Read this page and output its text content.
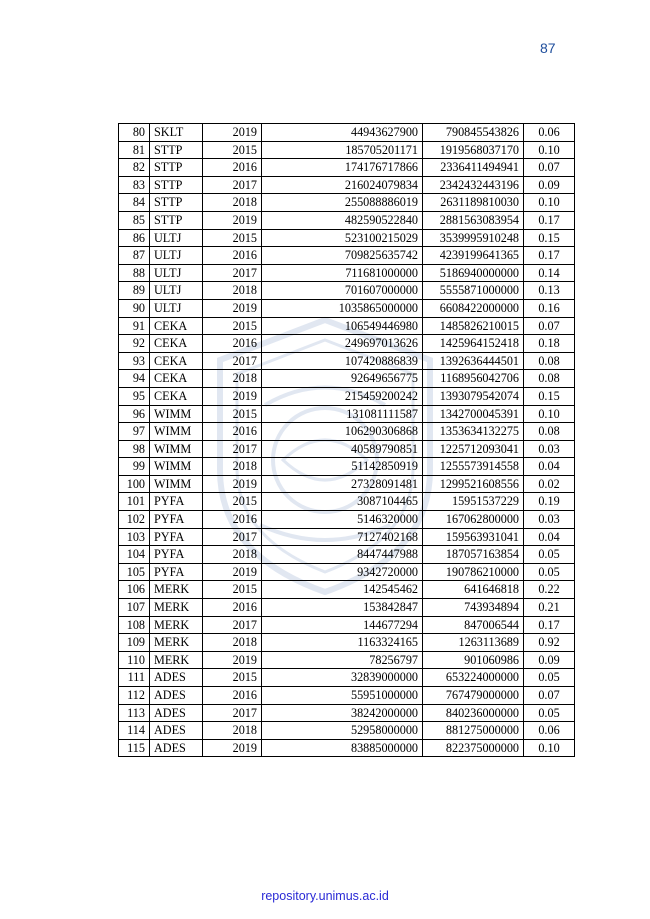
87
80	SKLT	2019	44943627900	790845543826	0.06
81	STTP	2015	185705201171	1919568037170	0.10
82	STTP	2016	174176717866	2336411494941	0.07
83	STTP	2017	216024079834	2342432443196	0.09
84	STTP	2018	255088886019	2631189810030	0.10
85	STTP	2019	482590522840	2881563083954	0.17
86	ULTJ	2015	523100215029	3539995910248	0.15
87	ULTJ	2016	709825635742	4239199641365	0.17
88	ULTJ	2017	711681000000	5186940000000	0.14
89	ULTJ	2018	701607000000	5555871000000	0.13
90	ULTJ	2019	1035865000000	6608422000000	0.16
91	CEKA	2015	106549446980	1485826210015	0.07
92	CEKA	2016	249697013626	1425964152418	0.18
93	CEKA	2017	107420886839	1392636444501	0.08
94	CEKA	2018	92649656775	1168956042706	0.08
95	CEKA	2019	215459200242	1393079542074	0.15
96	WIMM	2015	131081111587	1342700045391	0.10
97	WIMM	2016	106290306868	1353634132275	0.08
98	WIMM	2017	40589790851	1225712093041	0.03
99	WIMM	2018	51142850919	1255573914558	0.04
100	WIMM	2019	27328091481	1299521608556	0.02
101	PYFA	2015	3087104465	15951537229	0.19
102	PYFA	2016	5146320000	167062800000	0.03
103	PYFA	2017	7127402168	159563931041	0.04
104	PYFA	2018	8447447988	187057163854	0.05
105	PYFA	2019	9342720000	190786210000	0.05
106	MERK	2015	142545462	641646818	0.22
107	MERK	2016	153842847	743934894	0.21
108	MERK	2017	144677294	847006544	0.17
109	MERK	2018	1163324165	1263113689	0.92
110	MERK	2019	78256797	901060986	0.09
111	ADES	2015	32839000000	653224000000	0.05
112	ADES	2016	55951000000	767479000000	0.07
113	ADES	2017	38242000000	840236000000	0.05
114	ADES	2018	52958000000	881275000000	0.06
115	ADES	2019	83885000000	822375000000	0.10
repository.unimus.ac.id
